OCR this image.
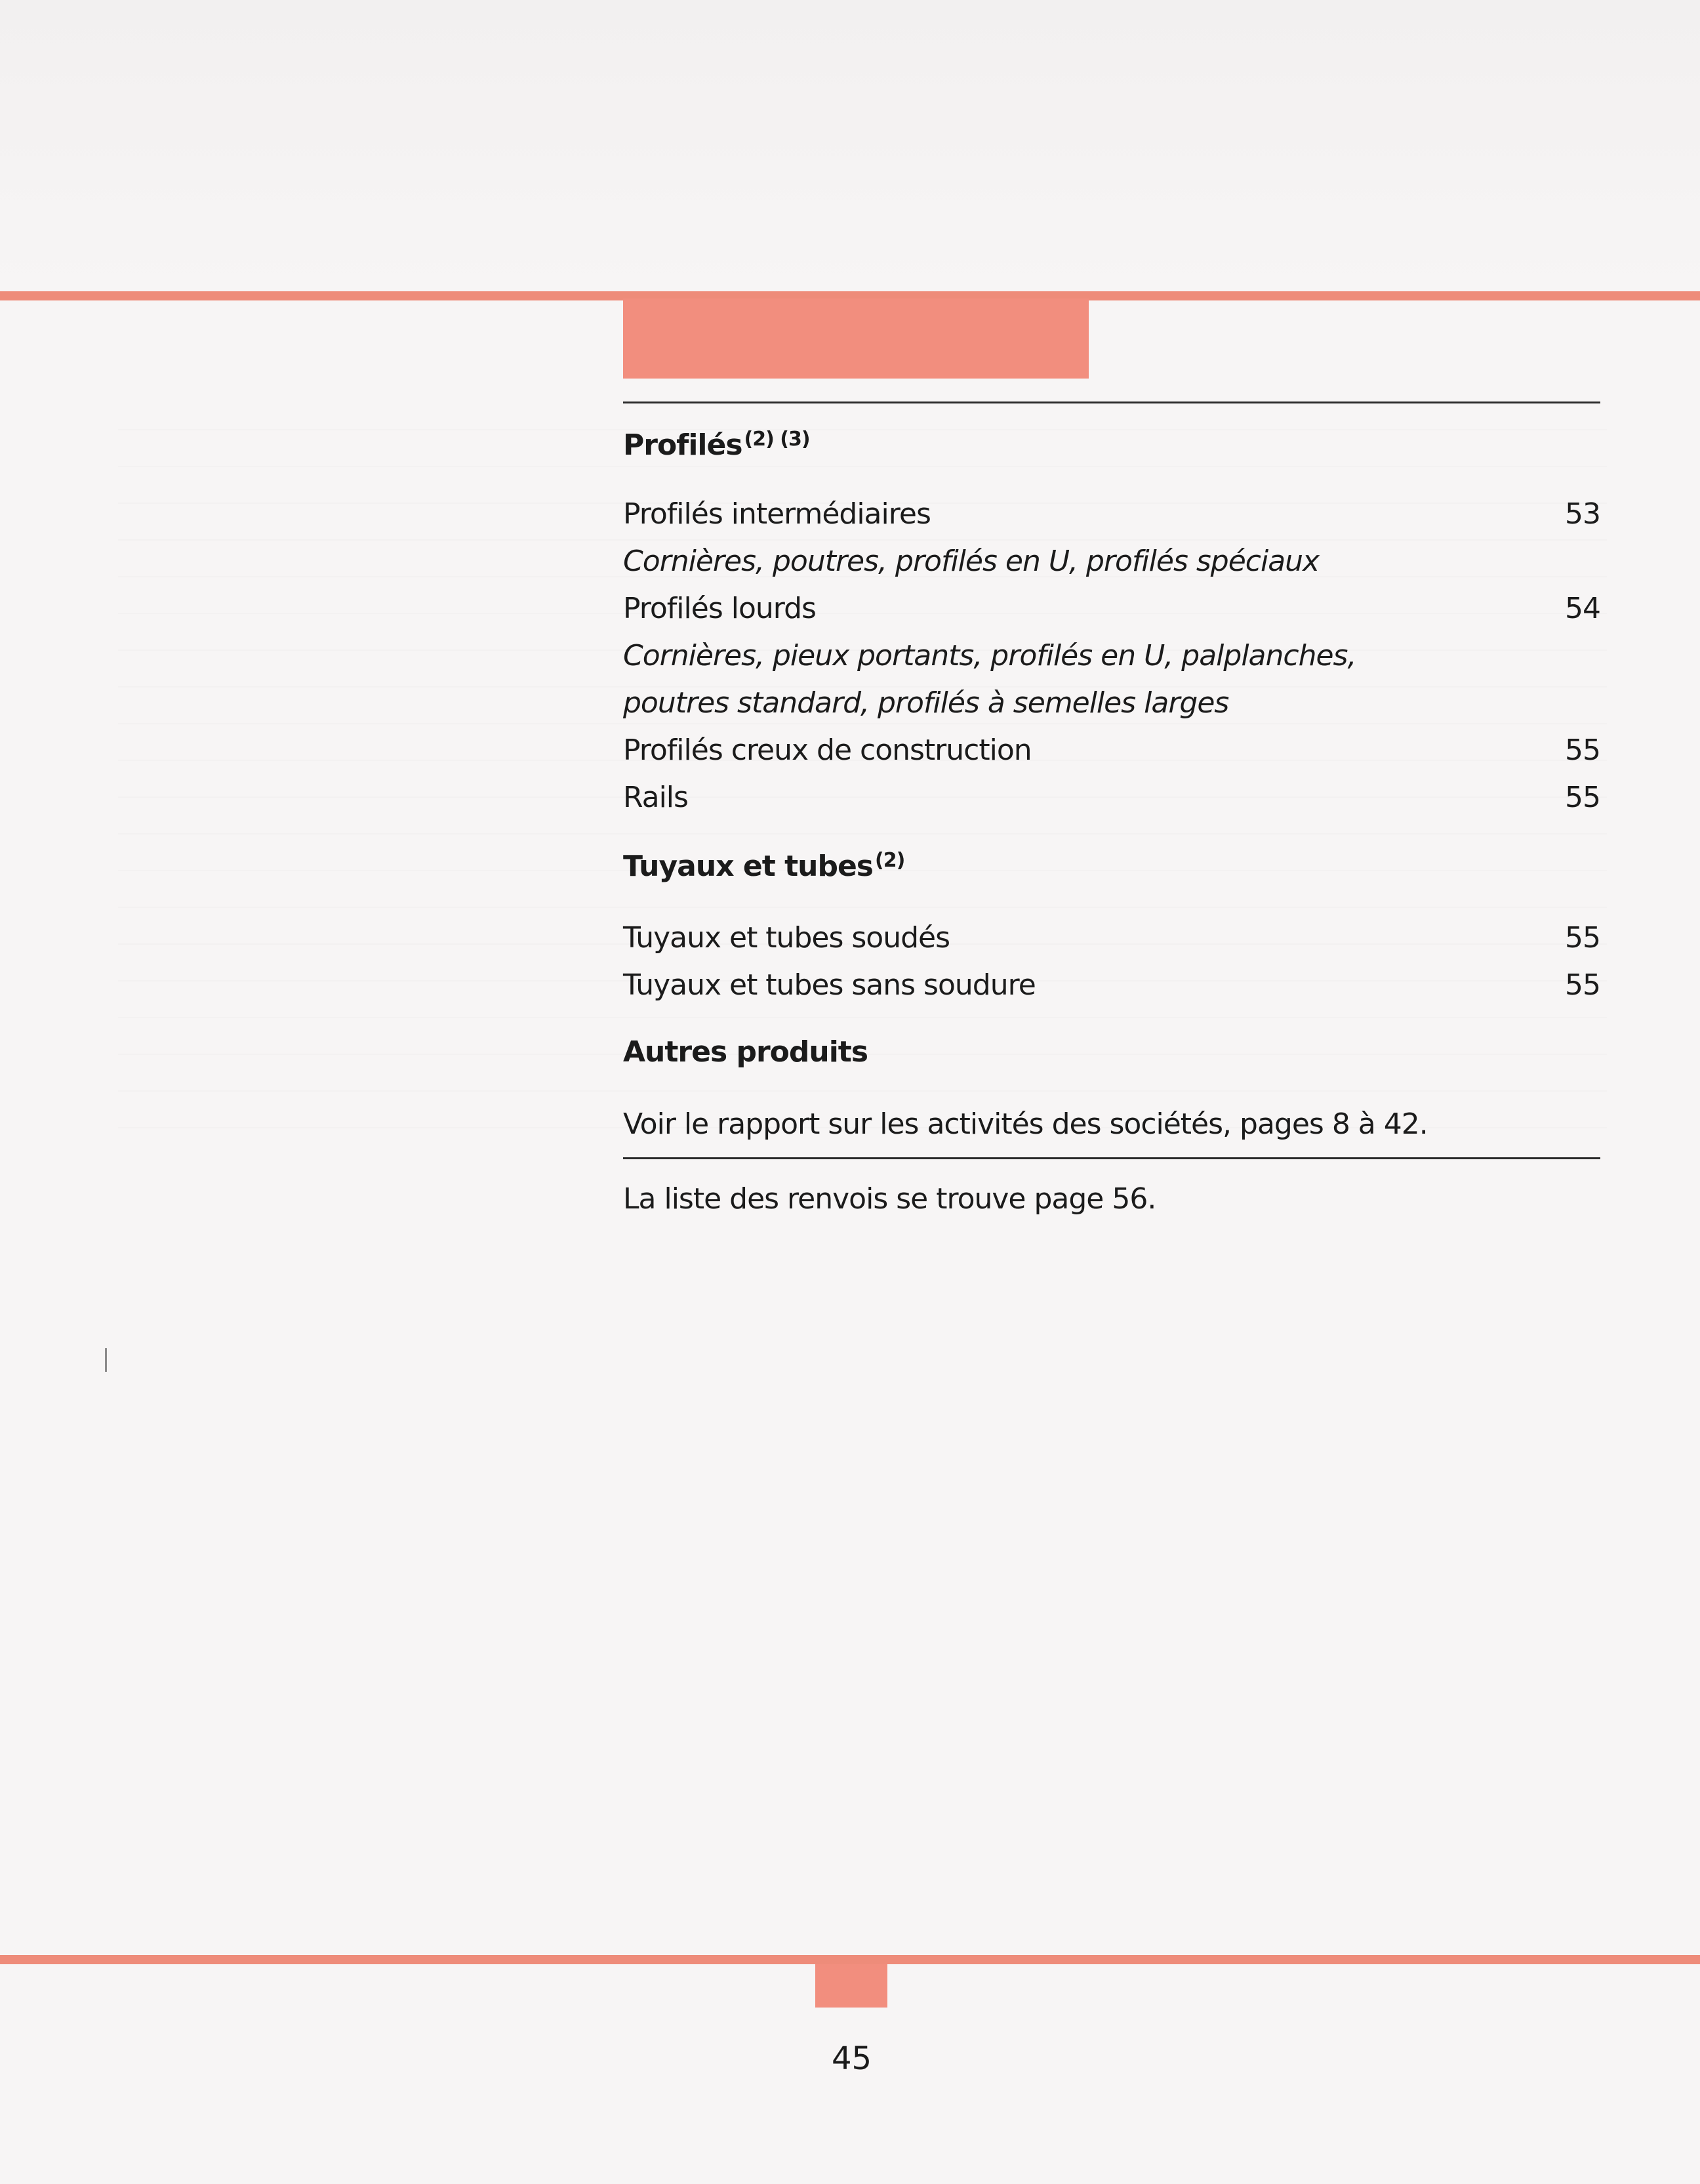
Profilés $^{(2) (3)}$
Profilés intermédiaires	53
Cornières, poutres, profilés en U, profilés spéciaux
Profilés lourds	54
Cornières, pieux portants, profilés en U, palplanches,
poutres standard, profilés à semelles larges
Profilés creux de construction	55
Rails	55
Tuyaux et tubes $^{(2)}$
Tuyaux et tubes soudés	55
Tuyaux et tubes sans soudure	55
Autres produits
Voir le rapport sur les activités des sociétés, pages 8 à 42.
La liste des renvois se trouve page 56.
45
